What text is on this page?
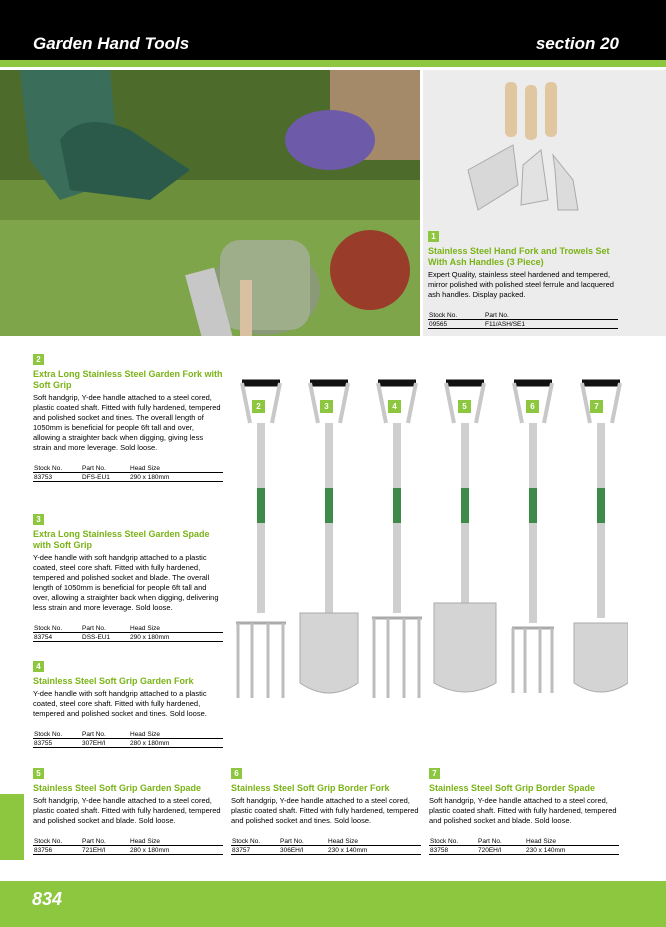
Garden Hand Tools	section 20
1
Stainless Steel Hand Fork and Trowels Set With Ash Handles (3 Piece)
Expert Quality, stainless steel hardened and tempered, mirror polished with polished steel ferrule and lacquered ash handles. Display packed.
Stock No.	Part No.
09565	F11/ASH/SE1
2
Extra Long Stainless Steel Garden Fork with Soft Grip
Soft handgrip, Y-dee handle attached to a steel cored, plastic coated shaft. Fitted with fully hardened, tempered and polished socket and tines. The overall length of 1050mm is beneficial for people 6ft tall and over, allowing a straighter back when digging, giving less strain and more leverage. Sold loose.
Stock No.	Part No.	Head Size
83753	DFS-EU1	290 x 180mm
3
Extra Long Stainless Steel Garden Spade with Soft Grip
Y-dee handle with soft handgrip attached to a plastic coated, steel core shaft. Fitted with fully hardened, tempered and polished socket and blade. The overall length of 1050mm is beneficial for people 6ft tall and over, allowing a straighter back when digging, delivering less strain and more leverage. Sold loose.
Stock No.	Part No.	Head Size
83754	DSS-EU1	290 x 180mm
4
Stainless Steel Soft Grip Garden Fork
Y-dee handle with soft handgrip attached to a plastic coated, steel core shaft. Fitted with fully hardened, tempered and polished socket and tines. Sold loose.
Stock No.	Part No.	Head Size
83755	307EH/I	280 x 180mm
5
Stainless Steel Soft Grip Garden Spade
Soft handgrip, Y-dee handle attached to a steel cored, plastic coated shaft. Fitted with fully hardened, tempered and polished socket and blade. Sold loose.
Stock No.	Part No.	Head Size
83756	721EH/I	280 x 180mm
6
Stainless Steel Soft Grip Border Fork
Soft handgrip, Y-dee handle attached to a steel cored, plastic coated shaft. Fitted with fully hardened, tempered and polished socket and tines. Sold loose.
Stock No.	Part No.	Head Size
83757	306EH/I	230 x 140mm
7
Stainless Steel Soft Grip Border Spade
Soft handgrip, Y-dee handle attached to a steel cored, plastic coated shaft. Fitted with fully hardened, tempered and polished socket and blade. Sold loose.
Stock No.	Part No.	Head Size
83758	720EH/I	230 x 140mm
2	3	4	5	6	7
834
